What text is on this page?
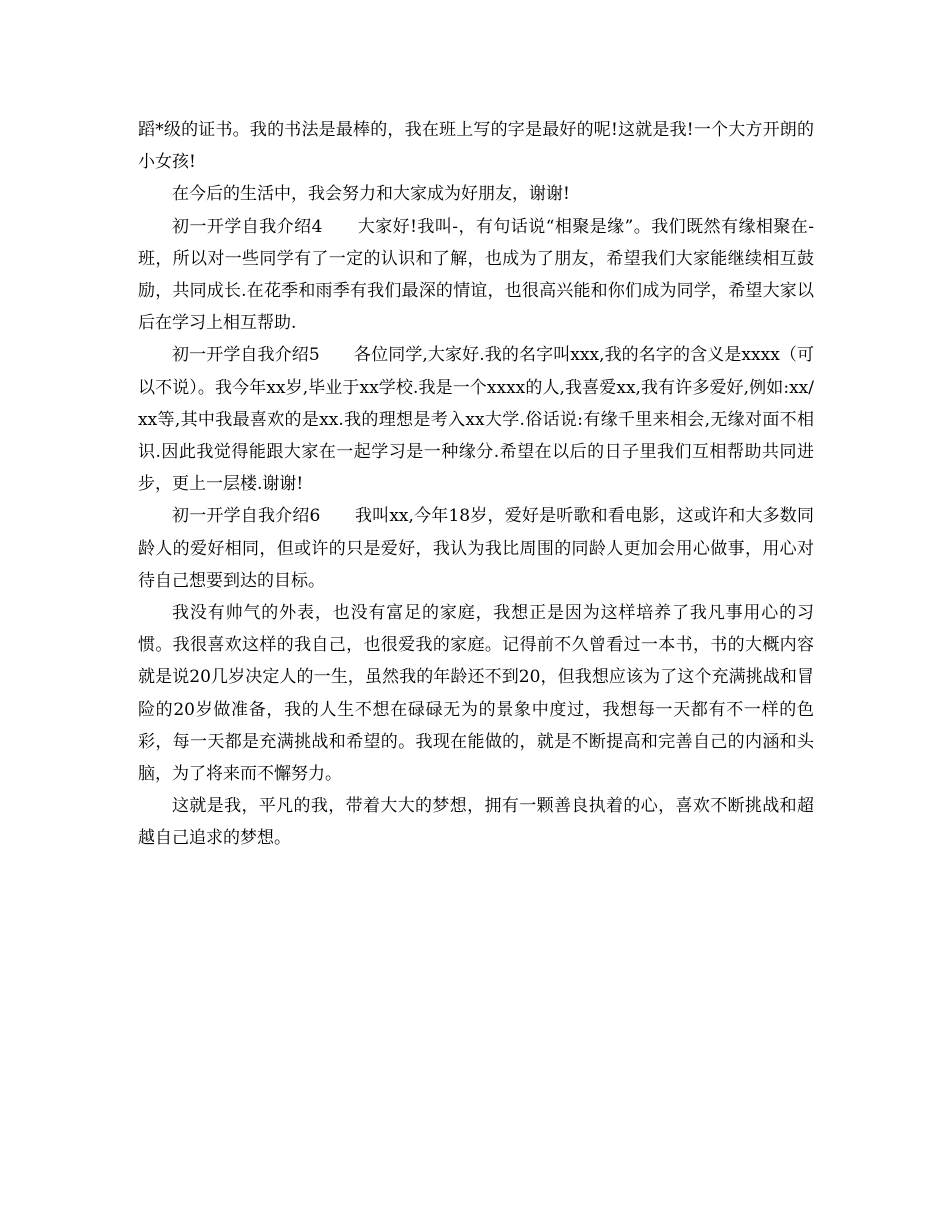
蹈*级的证书。我的书法是最棒的，我在班上写的字是最好的呢!这就是我!一个大方开朗的小女孩!

在今后的生活中，我会努力和大家成为好朋友，谢谢!

初一开学自我介绍4　　大家好!我叫-，有句话说“相聚是缘”。我们既然有缘相聚在-班，所以对一些同学有了一定的认识和了解，也成为了朋友，希望我们大家能继续相互鼓励，共同成长.在花季和雨季有我们最深的情谊，也很高兴能和你们成为同学，希望大家以后在学习上相互帮助.

初一开学自我介绍5　　各位同学,大家好.我的名字叫xxx,我的名字的含义是xxxx（可以不说）。我今年xx岁,毕业于xx学校.我是一个xxxx的人,我喜爱xx,我有许多爱好,例如:xx/xx等,其中我最喜欢的是xx.我的理想是考入xx大学.俗话说:有缘千里来相会,无缘对面不相识.因此我觉得能跟大家在一起学习是一种缘分.希望在以后的日子里我们互相帮助共同进步，更上一层楼.谢谢!

初一开学自我介绍6　　我叫xx,今年18岁，爱好是听歌和看电影，这或许和大多数同龄人的爱好相同，但或许的只是爱好，我认为我比周围的同龄人更加会用心做事，用心对待自己想要到达的目标。

我没有帅气的外表，也没有富足的家庭，我想正是因为这样培养了我凡事用心的习惯。我很喜欢这样的我自己，也很爱我的家庭。记得前不久曾看过一本书，书的大概内容就是说20几岁决定人的一生，虽然我的年龄还不到20，但我想应该为了这个充满挑战和冒险的20岁做准备，我的人生不想在碌碌无为的景象中度过，我想每一天都有不一样的色彩，每一天都是充满挑战和希望的。我现在能做的，就是不断提高和完善自己的内涵和头脑，为了将来而不懈努力。

这就是我，平凡的我，带着大大的梦想，拥有一颗善良执着的心，喜欢不断挑战和超越自己追求的梦想。
